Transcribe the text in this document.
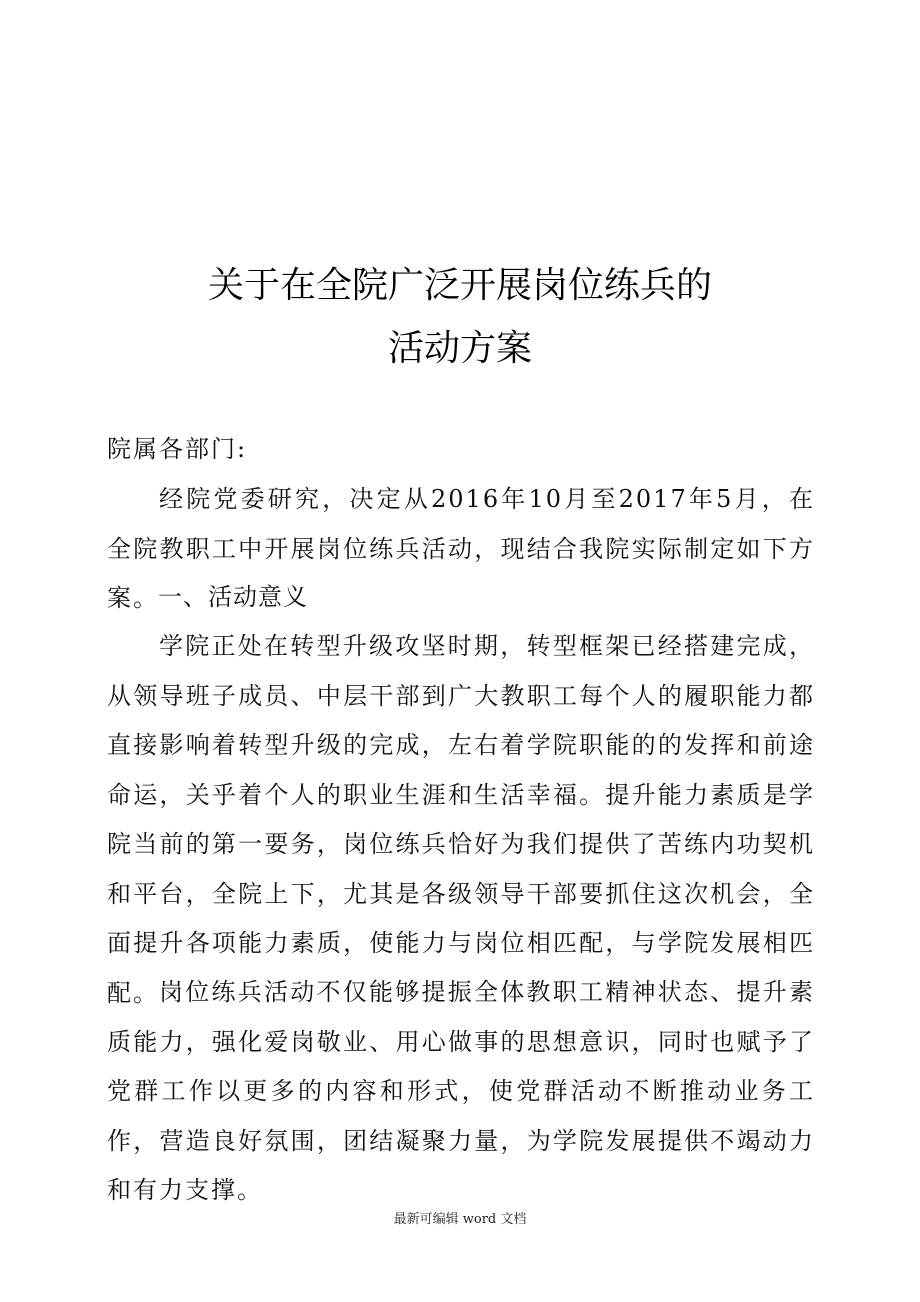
关于在全院广泛开展岗位练兵的
活动方案
院属各部门:
经院党委研究，决定从2016年10月至2017年5月，在全院教职工中开展岗位练兵活动，现结合我院实际制定如下方案。 一、活动意义
学院正处在转型升级攻坚时期，转型框架已经搭建完成，从领导班子成员、中层干部到广大教职工每个人的履职能力都直接影响着转型升级的完成，左右着学院职能的的发挥和前途命运，关乎着个人的职业生涯和生活幸福。提升能力素质是学院当前的第一要务，岗位练兵恰好为我们提供了苦练内功契机和平台，全院上下，尤其是各级领导干部要抓住这次机会，全面提升各项能力素质，使能力与岗位相匹配，与学院发展相匹配。 岗位练兵活动不仅能够提振全体教职工精神状态、提升素质能力，强化爱岗敬业、用心做事的思想意识，同时也赋予了党群工作以更多的内容和形式，使党群活动不断推动业务工作，营造良好氛围，团结凝聚力量，为学院发展提供不竭动力和有力支撑。
最新可编辑 word 文档
